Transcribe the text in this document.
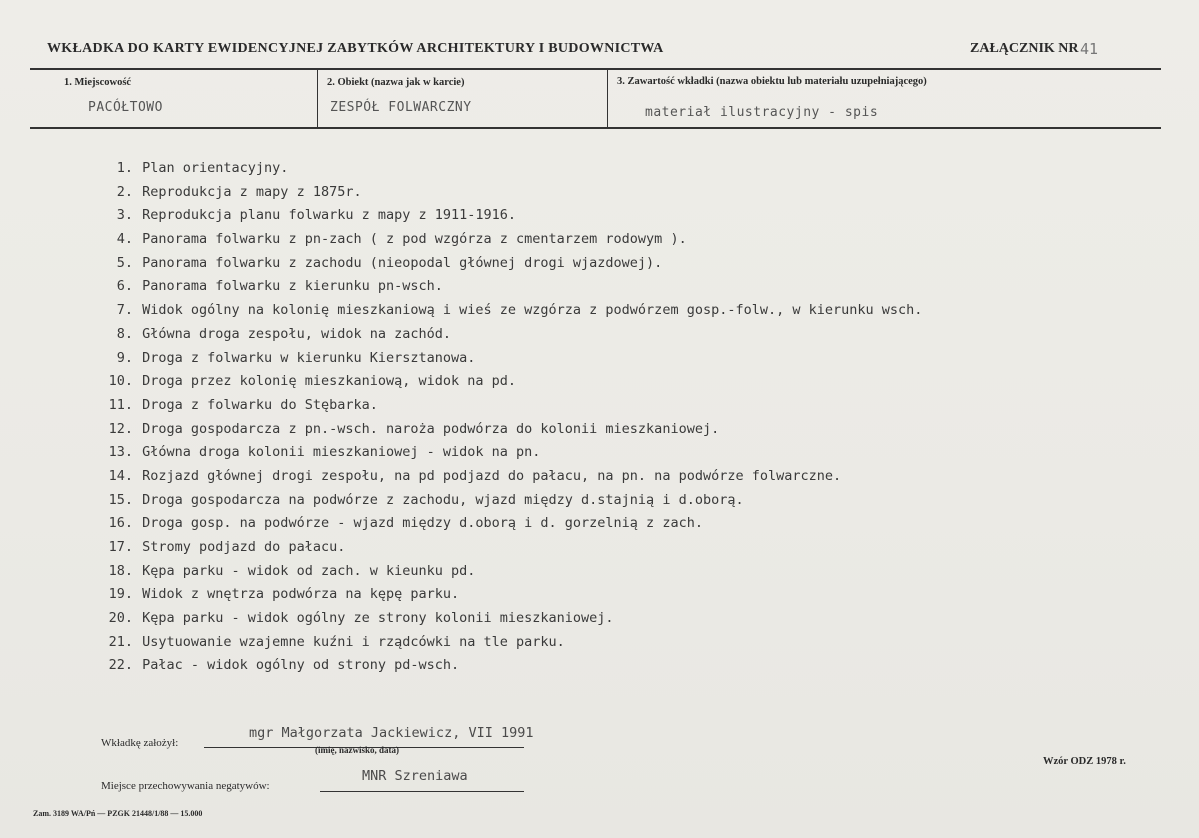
WKŁADKA DO KARTY EWIDENCYJNEJ ZABYTKÓW ARCHITEKTURY I BUDOWNICTWA	ZAŁĄCZNIK NR 41
1. Miejscowość
PACÓŁTOWO
2. Obiekt (nazwa jak w karcie)
ZESPÓŁ FOLWARCZNY
3. Zawartość wkładki (nazwa obiektu lub materiału uzupełniającego)
materiał ilustracyjny - spis
1. Plan orientacyjny.
2. Reprodukcja z mapy z 1875r.
3. Reprodukcja planu folwarku z mapy z 1911-1916.
4. Panorama folwarku z pn-zach ( z pod wzgórza z cmentarzem rodowym ).
5. Panorama folwarku z zachodu (nieopodal głównej drogi wjazdowej).
6. Panorama folwarku z kierunku pn-wsch.
7. Widok ogólny na kolonię mieszkaniową i wieś ze wzgórza z podwórzem gosp.-folw., w kierunku wsch.
8. Główna droga zespołu, widok na zachód.
9. Droga z folwarku w kierunku Kiersztanowa.
10. Droga przez kolonię mieszkaniową, widok na pd.
11. Droga z folwarku do Stębarka.
12. Droga gospodarcza z pn.-wsch. naroża podwórza do kolonii mieszkaniowej.
13. Główna droga kolonii mieszkaniowej - widok na pn.
14. Rozjazd głównej drogi zespołu, na pd podjazd do pałacu, na pn. na podwórze folwarczne.
15. Droga gospodarcza na podwórze z zachodu, wjazd między d.stajnią i d.oborą.
16. Droga gosp. na podwórze - wjazd między d.oborą i d. gorzelnią z zach.
17. Stromy podjazd do pałacu.
18. Kępa parku - widok od zach. w kieunku pd.
19. Widok z wnętrza podwórza na kępę parku.
20. Kępa parku - widok ogólny ze strony kolonii mieszkaniowej.
21. Usytuowanie wzajemne kuźni i rządcówki na tle parku.
22. Pałac - widok ogólny od strony pd-wsch.
Wkładkę założył:
mgr Małgorzata Jackiewicz, VII 1991
(imię, nazwisko, data)
Miejsce przechowywania negatywów:
MNR Szreniawa
Wzór ODZ 1978 r.
Zam. 3189 WA/Pń — PZGK 21448/1/88 — 15.000
